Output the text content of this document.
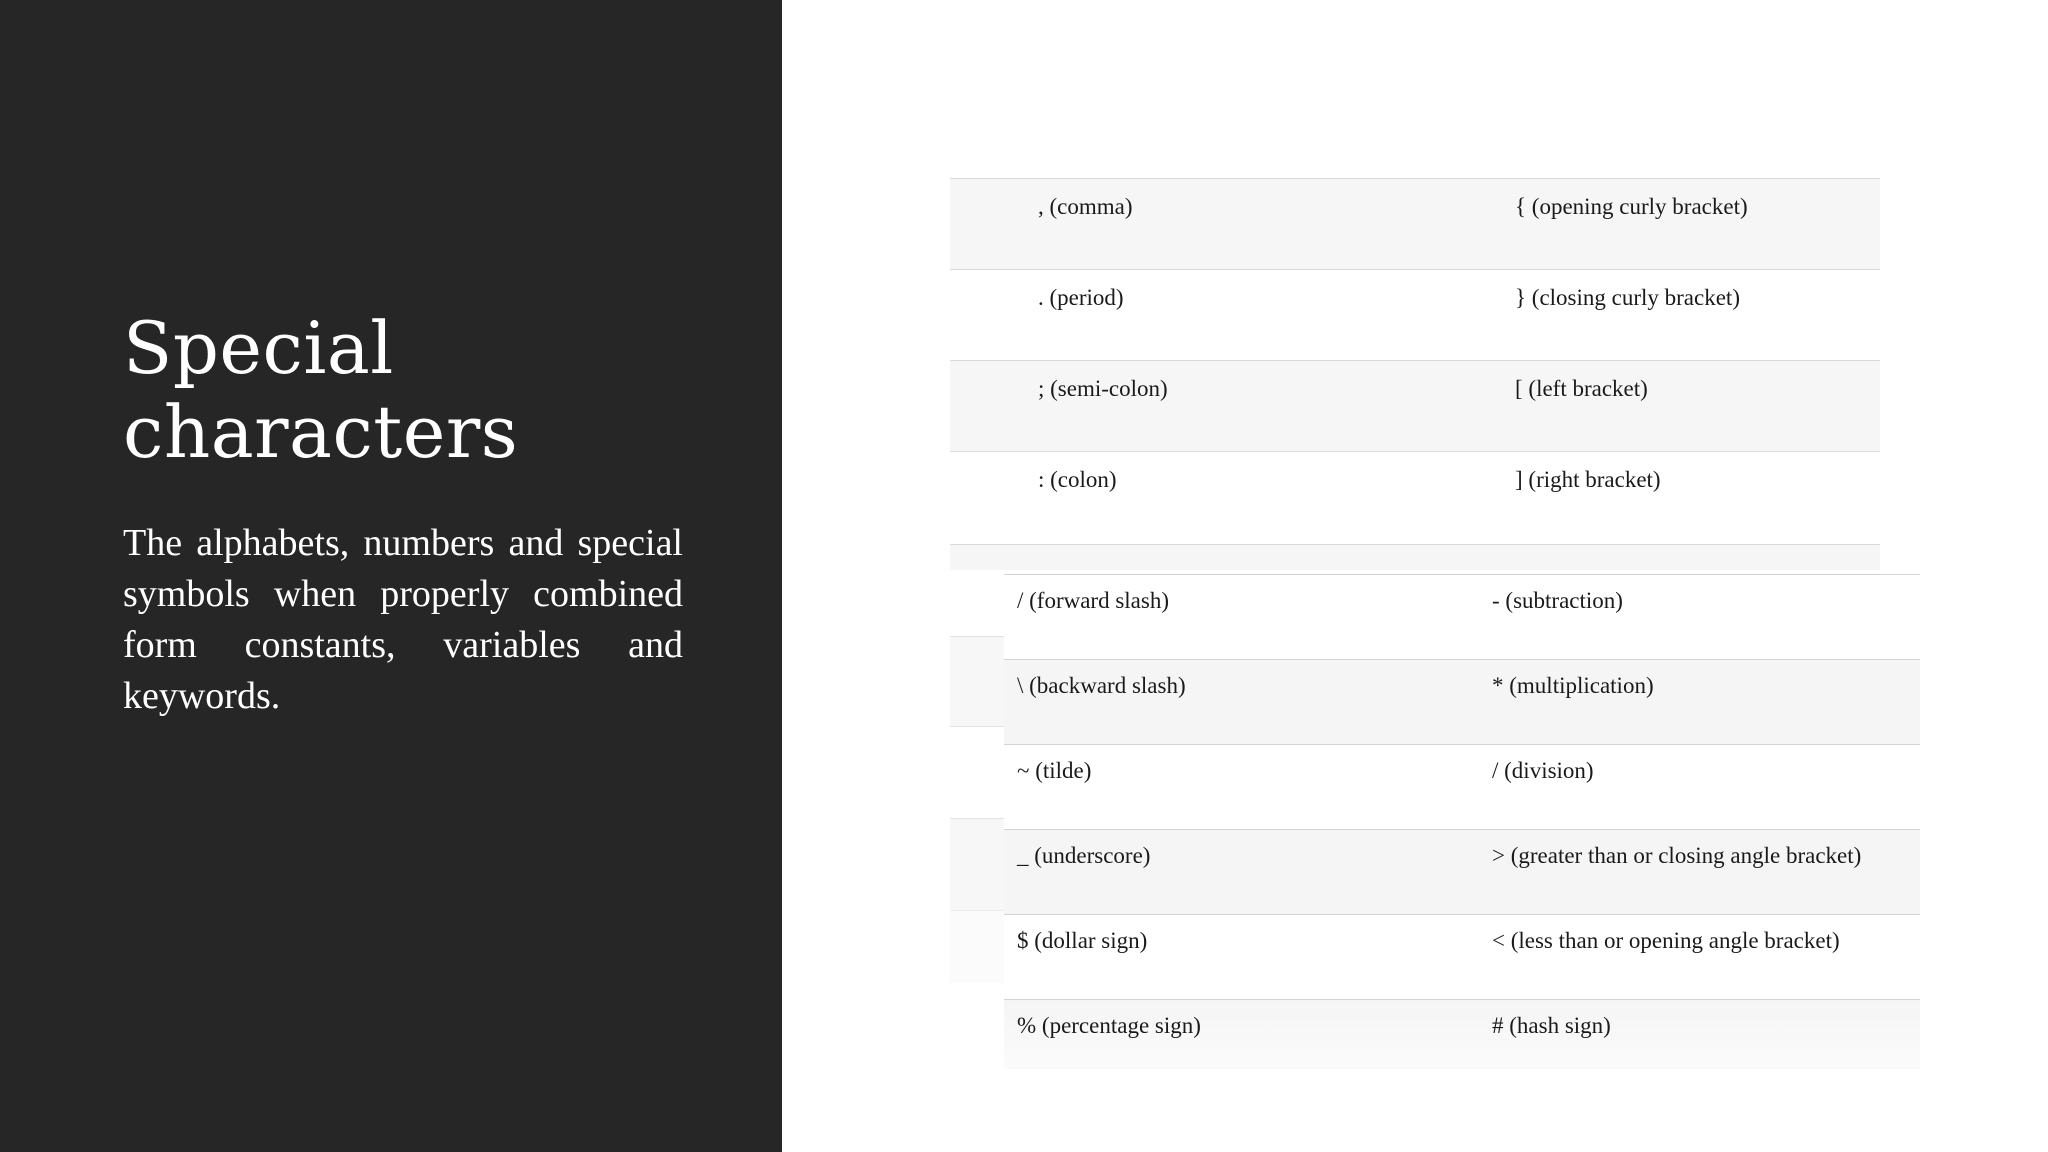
Special characters

The alphabets, numbers and special symbols when properly combined form constants, variables and keywords.

, (comma)	{ (opening curly bracket)
. (period)	} (closing curly bracket)
; (semi-colon)	[ (left bracket)
: (colon)	] (right bracket)
/ (forward slash)	- (subtraction)
\ (backward slash)	* (multiplication)
~ (tilde)	/ (division)
_ (underscore)	> (greater than or closing angle bracket)
$ (dollar sign)	< (less than or opening angle bracket)
% (percentage sign)	# (hash sign)
